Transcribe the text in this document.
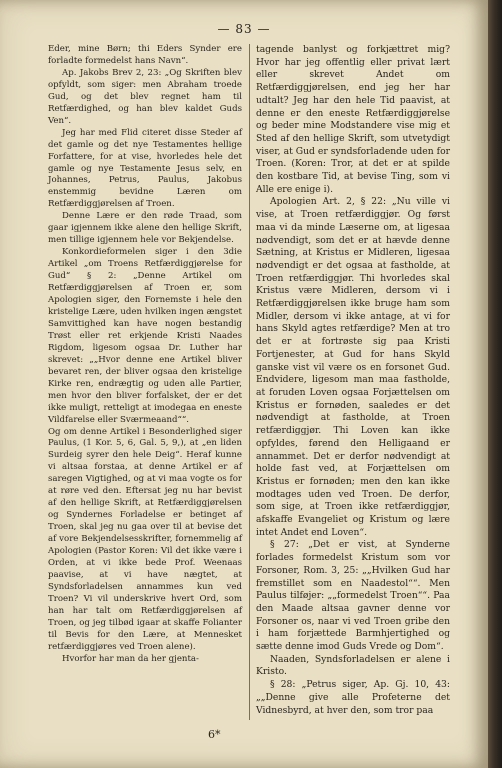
— 83 —

Eder, mine Børn; thi Eders Synder ere forladte formedelst hans Navn“.

Ap. Jakobs Brev 2, 23: „Og Skriften blev opfyldt, som siger: men Abraham troede Gud, og det blev regnet ham til Retfærdighed, og han blev kaldet Guds Ven“.

Jeg har med Flid citeret disse Steder af det gamle og det nye Testamentes hellige Forfattere, for at vise, hvorledes hele det gamle og nye Testamente Jesus selv, en Johannes, Petrus, Paulus, Jakobus enstemmig bevidne Læren om Retfærdiggjørelsen af Troen.

Denne Lære er den røde Traad, som gaar igjennem ikke alene den hellige Skrift, men tillige igjennem hele vor Bekjendelse.

Konkordieformelen siger i den 3die Artikel „om Troens Retfærdiggjørelse for Gud“ § 2: „Denne Artikel om Retfærdiggjørelsen af Troen er, som Apologien siger, den Fornemste i hele den kristelige Lære, uden hvilken ingen ængstet Samvittighed kan have nogen bestandig Trøst eller ret erkjende Kristi Naades Rigdom, ligesom ogsaa Dr. Luther har skrevet: „„Hvor denne ene Artikel bliver bevaret ren, der bliver ogsaa den kristelige Kirke ren, endrægtig og uden alle Partier, men hvor den bliver forfalsket, der er det ikke muligt, retteligt at imodegaa en eneste Vildfarelse eller Sværmeaand““.

Og om denne Artikel i Besonderlighed siger Paulus, (1 Kor. 5, 6, Gal. 5, 9,), at „en liden Surdeig syrer den hele Deig“. Heraf kunne vi altsaa forstaa, at denne Artikel er af saregen Vigtighed, og at vi maa vogte os for at røre ved den. Eftersat jeg nu har bevist af den hellige Skrift, at Retfærdiggjørelsen og Syndernes Forladelse er betinget af Troen, skal jeg nu gaa over til at bevise det af vore Bekjendelsesskrifter, fornemmelig af Apologien (Pastor Koren: Vil det ikke være i Orden, at vi ikke bede Prof. Weenaas paavise, at vi have nægtet, at Syndsforladelsen annammes kun ved Troen? Vi vil underskrive hvert Ord, som han har talt om Retfærdiggjørelsen af Troen, og jeg tilbød igaar at skaffe Folianter til Bevis for den Lære, at Mennesket retfærdiggjøres ved Troen alene).

Hvorfor har man da her gjenta-

tagende banlyst og forkjættret mig? Hvor har jeg offentlig eller privat lært eller skrevet Andet om Retfærdiggjørelsen, end jeg her har udtalt? Jeg har den hele Tid paavist, at denne er den eneste Retfærdiggjørelse og beder mine Modstandere vise mig et Sted af den hellige Skrift, som utvetydigt viser, at Gud er syndsforladende uden for Troen. (Koren: Tror, at det er at spilde den kostbare Tid, at bevise Ting, som vi Alle ere enige i).

Apologien Art. 2, § 22: „Nu ville vi vise, at Troen retfærdiggjør. Og først maa vi da minde Læserne om, at ligesaa nødvendigt, som det er at hævde denne Sætning, at Kristus er Midleren, ligesaa nødvendigt er det ogsaa at fastholde, at Troen retfærdiggjør. Thi hvorledes skal Kristus være Midleren, dersom vi i Retfærdiggjørelsen ikke bruge ham som Midler, dersom vi ikke antage, at vi for hans Skyld agtes retfærdige? Men at tro det er at fortrøste sig paa Kristi Fortjenester, at Gud for hans Skyld ganske vist vil være os en forsonet Gud. Endvidere, ligesom man maa fastholde, at foruden Loven ogsaa Forjættelsen om Kristus er fornøden, saaledes er det nødvendigt at fastholde, at Troen retfærdiggjør. Thi Loven kan ikke opfyldes, førend den Helligaand er annammet. Det er derfor nødvendigt at holde fast ved, at Forjættelsen om Kristus er fornøden; men den kan ikke modtages uden ved Troen. De derfor, som sige, at Troen ikke retfærdiggjør, afskaffe Evangeliet og Kristum og lære intet Andet end Loven“.

§ 27: „Det er vist, at Synderne forlades formedelst Kristum som vor Forsoner, Rom. 3, 25: „„Hvilken Gud har fremstillet som en Naadestol““. Men Paulus tilføjer: „„formedelst Troen““. Paa den Maade altsaa gavner denne vor Forsoner os, naar vi ved Troen gribe den i ham forjættede Barmhjertighed og sætte denne imod Guds Vrede og Dom“.

Naaden, Syndsforladelsen er alene i Kristo.

§ 28: „Petrus siger, Ap. Gj. 10, 43: „„Denne give alle Profeterne det Vidnesbyrd, at hver den, som tror paa

6*
